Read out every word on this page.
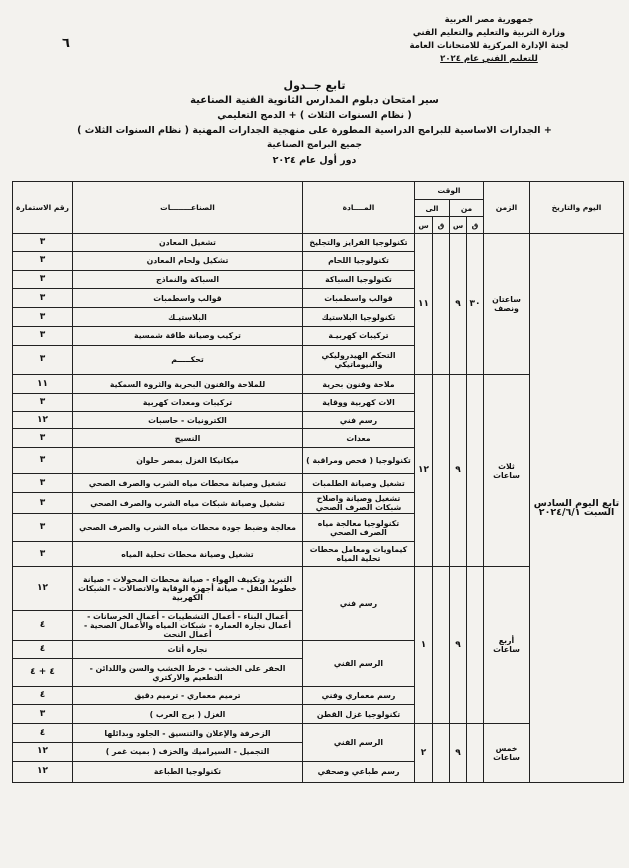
جمهورية مصر العربية
وزارة التربية والتعليم والتعليم الفني
لجنة الإدارة المركزية للامتحانات العامة
للتعليم الفني عام ٢٠٢٤
٦
تابع جــدول
سير امتحان دبلوم المدارس الثانوية الفنية الصناعية
( نظام السنوات الثلاث ) + الدمج التعليمي
+ الجدارات الاساسية للبرامج الدراسية المطورة على منهجية الجدارات المهنية ( نظام السنوات الثلاث )
جميع البرامج الصناعية
دور أول عام ٢٠٢٤
اليوم والتاريخ	الزمن	الوقت				المــــادة	الصناعــــــــات	رقم الاستمارة
		من		الى				
		ق	س	ق	س			
تابع اليوم السادس السبت ٢٠٢٤/٦/١	ساعتان ونصف	٣٠	٩		١١	تكنولوجيا الفرايز والتجليخ	تشغيل المعادن	٣
						تكنولوجيا اللحام	تشكيل ولحام المعادن	٣
						تكنولوجيا السباكة	السباكة والنماذج	٣
						قوالب واسطمبات	قوالب واسطمبات	٣
						تكنولوجيا البلاستيك	البلاستيـك	٣
						تركيبات كهربيـة	تركيب وصيانة طاقة شمسية	٣
						التحكم الهيدروليكي والنيوماتيكي	تحكـــــم	٣
	ثلاث ساعات		٩		١٢	ملاحة وفنون بحرية	للملاحة والفنون البحرية والثروة السمكية	١١
						الات كهربية ووقاية	تركيبات ومعدات كهربية	٣
						رسم فني	الكترونيات - حاسبات	١٢
						معدات	النسيج	٣
						تكنولوجيا ( فحص ومراقبة )	ميكانيكا الغزل بمصر حلوان	٣
						تشغيل وصيانة الطلمبات	تشغيل وصيانة محطات مياه الشرب والصرف الصحي	٣
						تشغيل وصيانة واصلاح شبكات الصرف الصحي	تشغيل وصيانة شبكات مياه الشرب والصرف الصحي	٣
						تكنولوجيا معالجة مياه الصرف الصحي	معالجة وضبط جودة محطات مياه الشرب والصرف الصحي	٣
						كيماويات ومعامل محطات تحلية المياه	تشغيل وصيانة محطات تحلية المياه	٣
	أربع ساعات		٩		١	رسم فني	التبريد وتكييف الهواء - صيانة محطات المحولات - صيانة خطوط النقل - صيانة أجهزة الوقاية والاتصالات - الشبكات الكهربية	١٢
							أعمال البناء - أعمال التشطيبات - أعمال الخرسانات - أعمال نجارة العمارة - شبكات المياه والأعمال الصحية - أعمال النحت	٤
						الرسم الفني	نجارة أثاث	٤
							الحفر على الخشب - خرط الخشب والسن واللدائن - التطعيم والاركتري	٤ + ٤
						رسم معماري وفني	ترميم معماري - ترميم دقيق	٤
						تكنولوجيا غزل القطن	الغزل ( برج العرب )	٣
	خمس ساعات		٩		٢	الرسم الفني	الزخرفة والإعلان والتنسيق - الجلود وبدائلها	٤
							التجميل - السيراميك والخزف ( بميت غمر )	١٢
						رسم طباعي وصحفي	تكنولوجيا الطباعة	١٢
